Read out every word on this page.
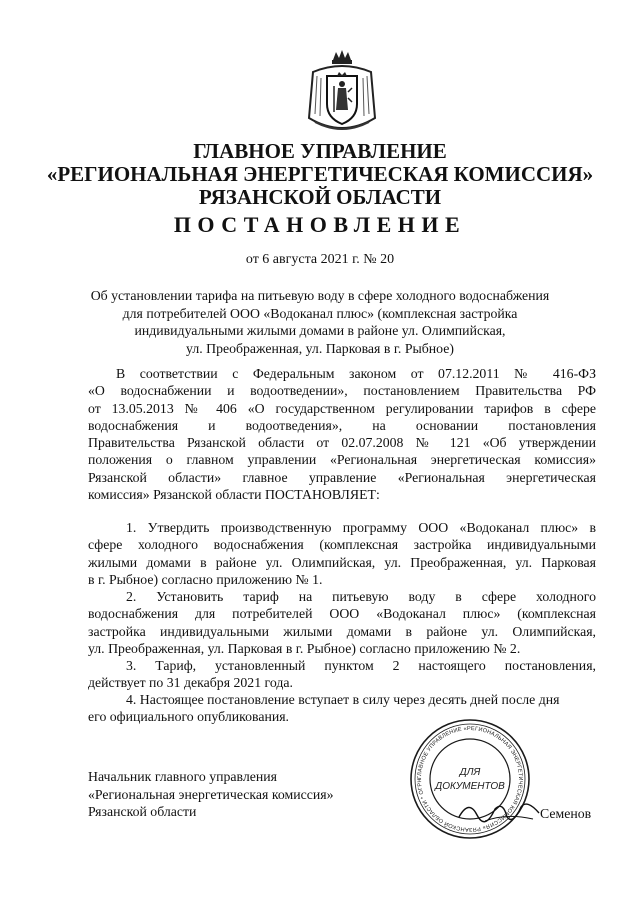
ГЛАВНОЕ УПРАВЛЕНИЕ
«РЕГИОНАЛЬНАЯ ЭНЕРГЕТИЧЕСКАЯ КОМИССИЯ»
РЯЗАНСКОЙ ОБЛАСТИ
ПОСТАНОВЛЕНИЕ
от 6 августа 2021 г. № 20
Об установлении тарифа на питьевую воду в сфере холодного водоснабжения
для потребителей ООО «Водоканал плюс» (комплексная застройка
индивидуальными жилыми домами в районе ул. Олимпийская,
ул. Преображенная, ул. Парковая в г. Рыбное)
В соответствии с Федеральным законом от 07.12.2011 № 416-ФЗ
«О водоснабжении и водоотведении», постановлением Правительства РФ
от 13.05.2013 № 406 «О государственном регулировании тарифов в сфере
водоснабжения и водоотведения», на основании постановления
Правительства Рязанской области от 02.07.2008 № 121 «Об утверждении
положения о главном управлении «Региональная энергетическая комиссия»
Рязанской области» главное управление «Региональная энергетическая
комиссия» Рязанской области ПОСТАНОВЛЯЕТ:
1. Утвердить производственную программу ООО «Водоканал плюс» в
сфере холодного водоснабжения (комплексная застройка индивидуальными
жилыми домами в районе ул. Олимпийская, ул. Преображенная, ул. Парковая
в г. Рыбное) согласно приложению № 1.
2. Установить тариф на питьевую воду в сфере холодного
водоснабжения для потребителей ООО «Водоканал плюс» (комплексная
застройка индивидуальными жилыми домами в районе ул. Олимпийская,
ул. Преображенная, ул. Парковая в г. Рыбное) согласно приложению № 2.
3. Тариф, установленный пунктом 2 настоящего постановления,
действует по 31 декабря 2021 года.
4. Настоящее постановление вступает в силу через десять дней после дня
его официального опубликования.
Начальник главного управления
«Региональная энергетическая комиссия»
Рязанской области
ГЛАВНОЕ УПРАВЛЕНИЕ «РЕГИОНАЛЬНАЯ ЭНЕРГЕТИЧЕСКАЯ КОМИССИЯ» РЯЗАНСКОЙ ОБЛАСТИ * ОГРН
ДЛЯ
ДОКУМЕНТОВ
Семенов
